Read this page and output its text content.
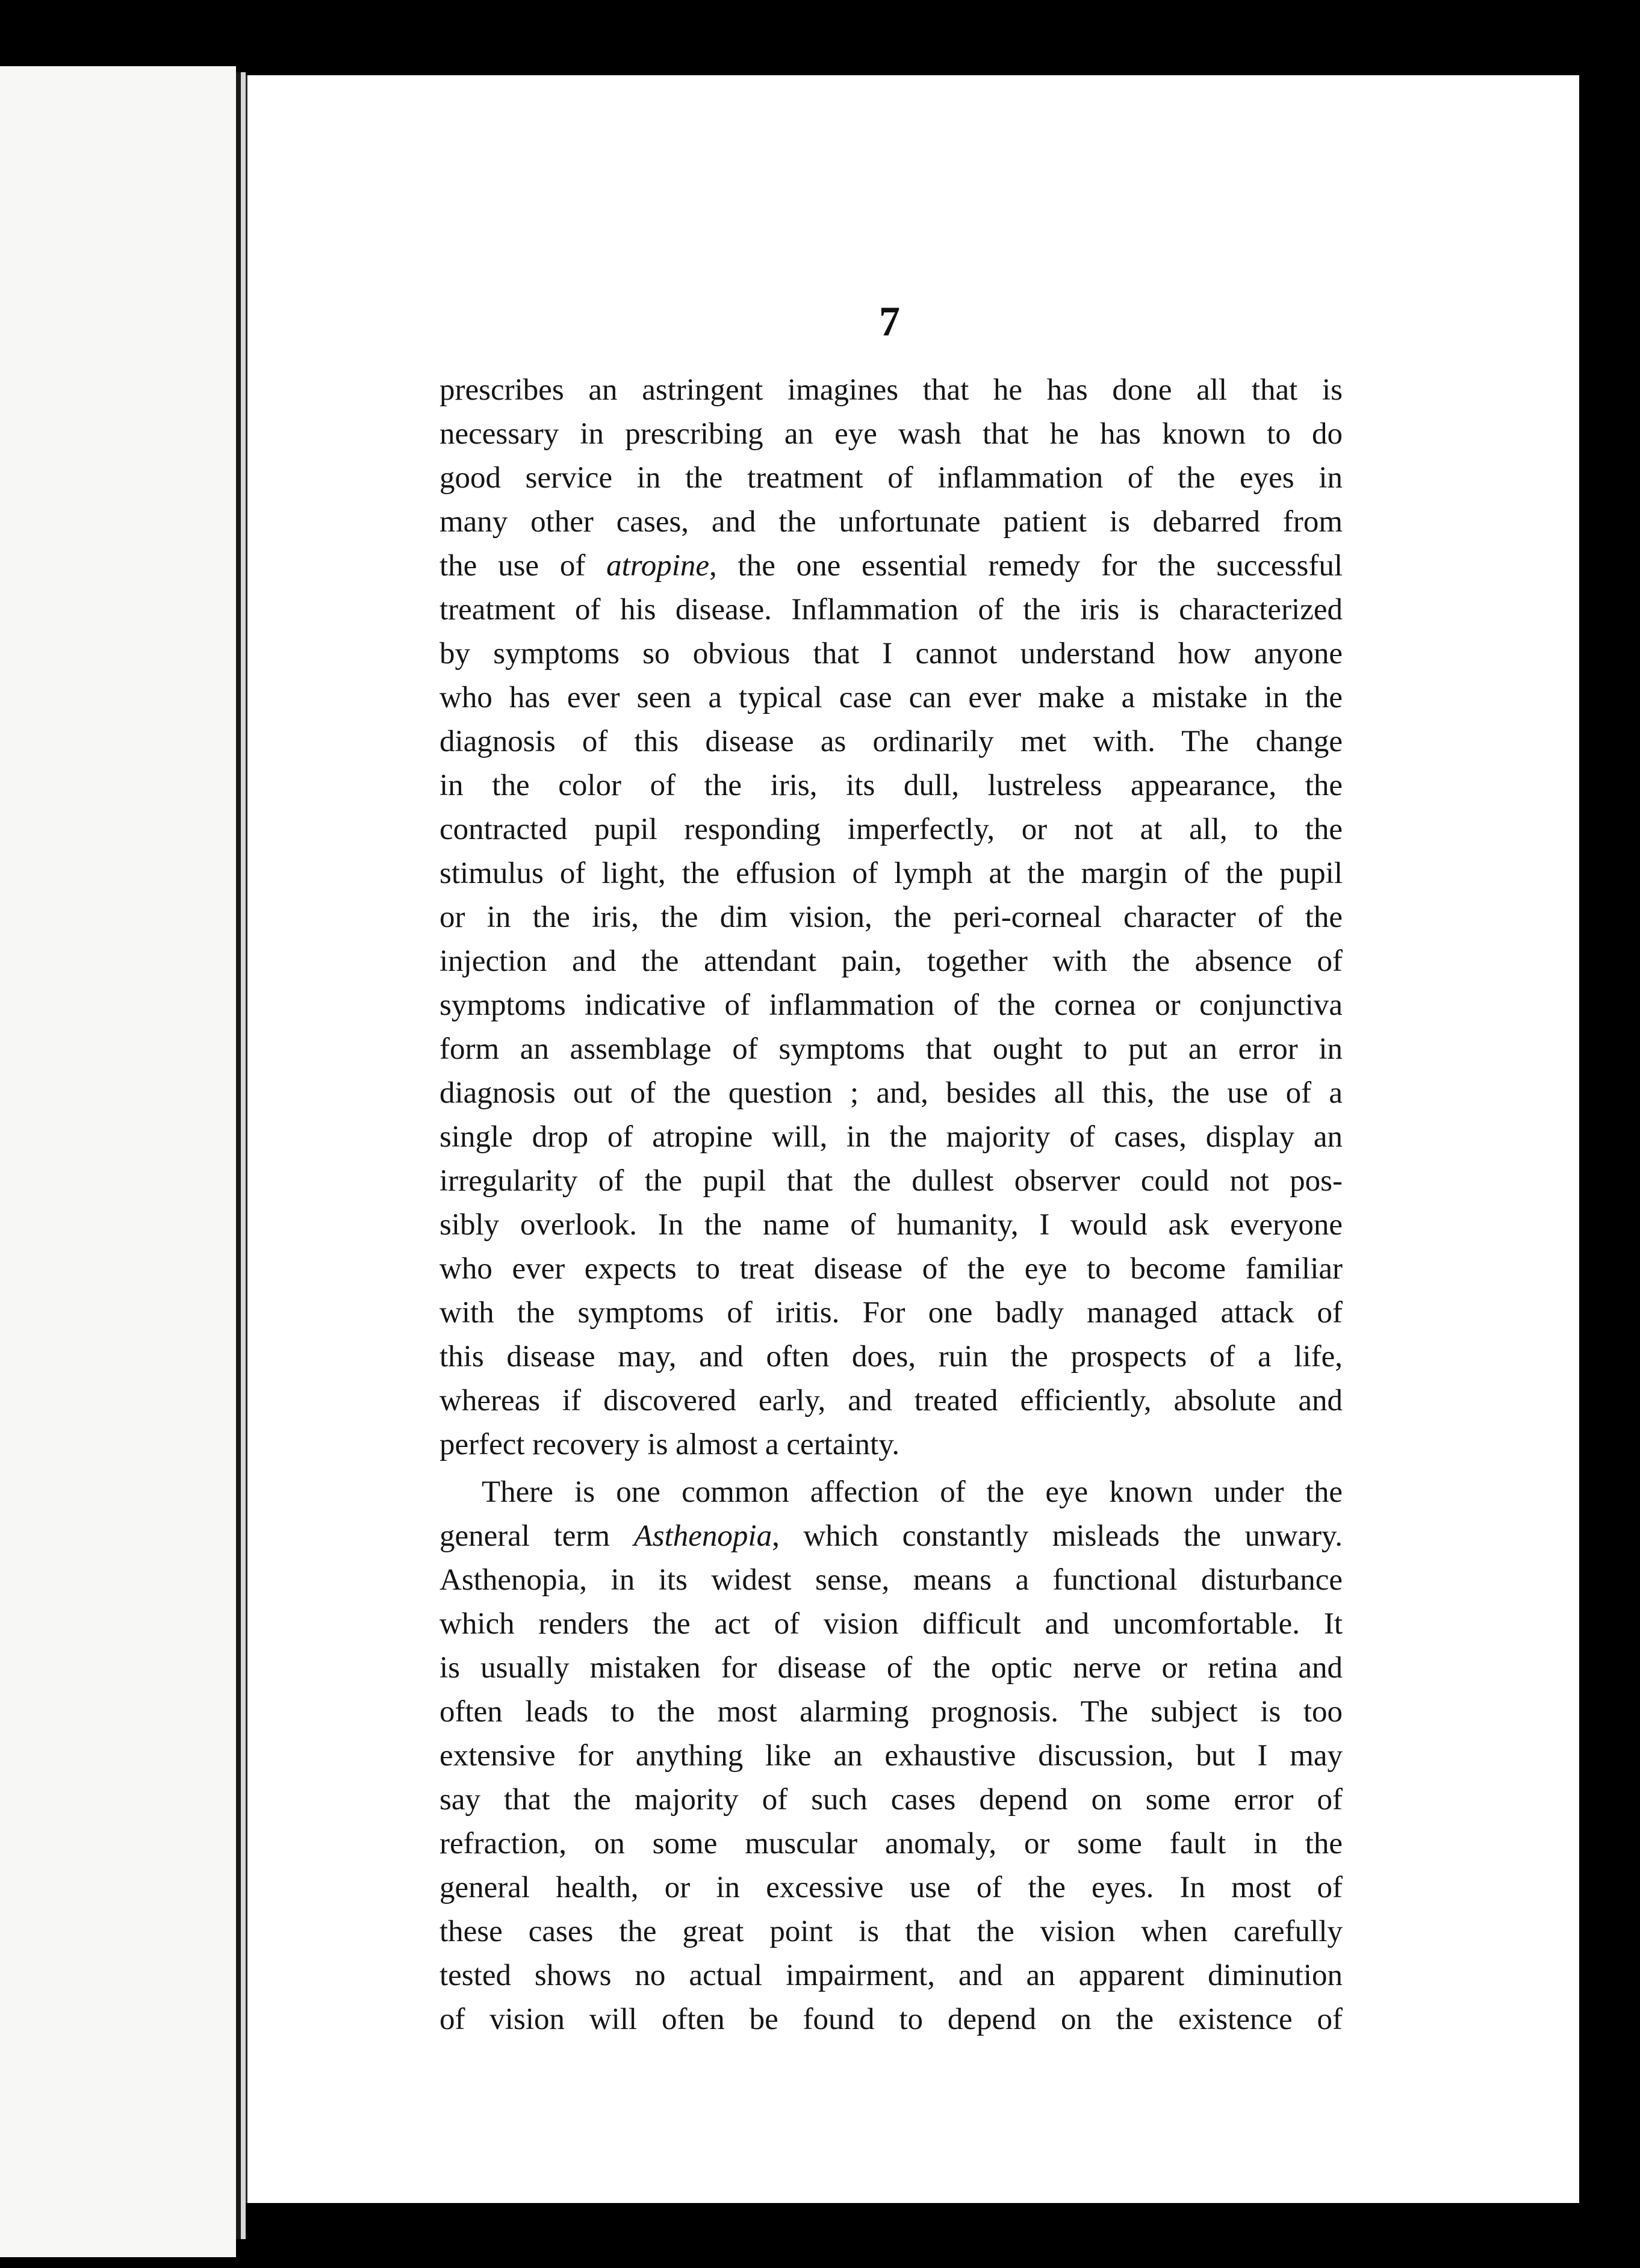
7
prescribes an astringent imagines that he has done all that is
necessary in prescribing an eye wash that he has known to do
good service in the treatment of inflammation of the eyes in
many other cases, and the unfortunate patient is debarred from
the use of atropine, the one essential remedy for the successful
treatment of his disease. Inflammation of the iris is characterized
by symptoms so obvious that I cannot understand how anyone
who has ever seen a typical case can ever make a mistake in the
diagnosis of this disease as ordinarily met with. The change
in the color of the iris, its dull, lustreless appearance, the
contracted pupil responding imperfectly, or not at all, to the
stimulus of light, the effusion of lymph at the margin of the pupil
or in the iris, the dim vision, the peri-corneal character of the
injection and the attendant pain, together with the absence of
symptoms indicative of inflammation of the cornea or conjunctiva
form an assemblage of symptoms that ought to put an error in
diagnosis out of the question ; and, besides all this, the use of a
single drop of atropine will, in the majority of cases, display an
irregularity of the pupil that the dullest observer could not pos-
sibly overlook. In the name of humanity, I would ask everyone
who ever expects to treat disease of the eye to become familiar
with the symptoms of iritis. For one badly managed attack of
this disease may, and often does, ruin the prospects of a life,
whereas if discovered early, and treated efficiently, absolute and
perfect recovery is almost a certainty.
There is one common affection of the eye known under the
general term Asthenopia, which constantly misleads the unwary.
Asthenopia, in its widest sense, means a functional disturbance
which renders the act of vision difficult and uncomfortable. It
is usually mistaken for disease of the optic nerve or retina and
often leads to the most alarming prognosis. The subject is too
extensive for anything like an exhaustive discussion, but I may
say that the majority of such cases depend on some error of
refraction, on some muscular anomaly, or some fault in the
general health, or in excessive use of the eyes. In most of
these cases the great point is that the vision when carefully
tested shows no actual impairment, and an apparent diminution
of vision will often be found to depend on the existence of
